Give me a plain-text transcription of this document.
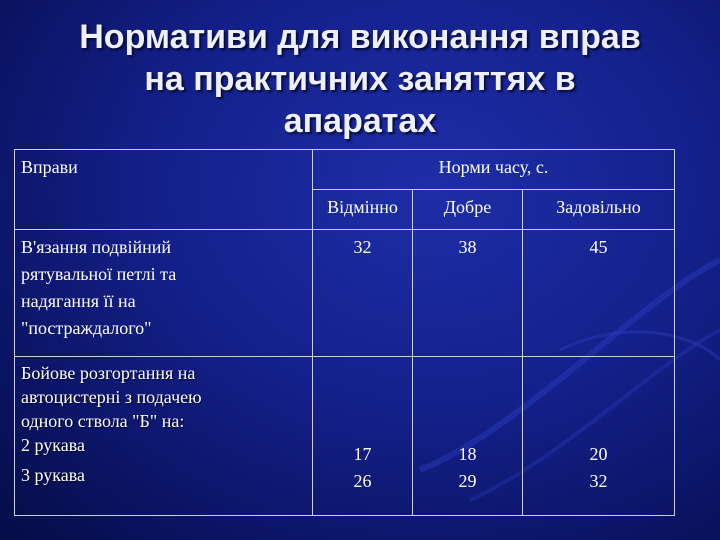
Нормативи для виконання вправ
на практичних заняттях в
апаратах
Вправи	Норми часу, с.		
	Відмінно	Добре	Задовільно

В'язання подвійний
рятувальної петлі та
надягання її на
"постраждалого"	32	38	45

Бойове розгортання на
автоцистерні з подачею
одного ствола "Б" на:
2 рукава
3 рукава	17
26	18
29	20
32
